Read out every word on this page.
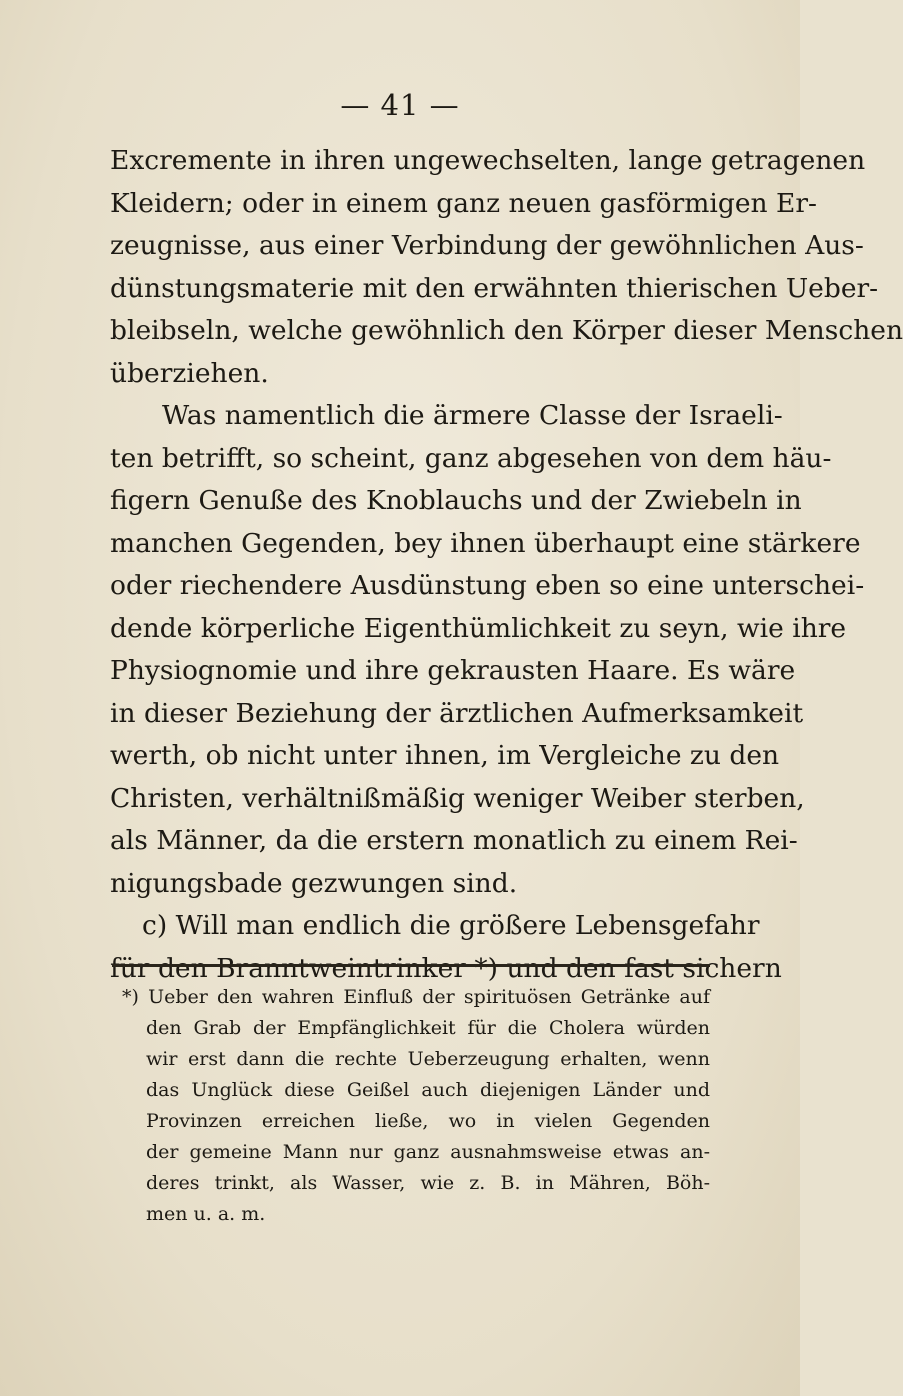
— 41 —
Excremente in ihren ungewechselten, lange getragenen
Kleidern; oder in einem ganz neuen gasförmigen Er-
zeugnisse, aus einer Verbindung der gewöhnlichen Aus-
dünstungsmaterie mit den erwähnten thierischen Ueber-
bleibseln, welche gewöhnlich den Körper dieser Menschen
überziehen.
Was namentlich die ärmere Classe der Israeli-
ten betrifft, so scheint, ganz abgesehen von dem häu-
figern Genuße des Knoblauchs und der Zwiebeln in
manchen Gegenden, bey ihnen überhaupt eine stärkere
oder riechendere Ausdünstung eben so eine unterschei-
dende körperliche Eigenthümlichkeit zu seyn, wie ihre
Physiognomie und ihre gekrausten Haare. Es wäre
in dieser Beziehung der ärztlichen Aufmerksamkeit
werth, ob nicht unter ihnen, im Vergleiche zu den
Christen, verhältnißmäßig weniger Weiber sterben,
als Männer, da die erstern monatlich zu einem Rei-
nigungsbade gezwungen sind.
c) Will man endlich die größere Lebensgefahr
für den Branntweintrinker *) und den fast sichern
*) Ueber den wahren Einfluß der spirituösen Getränke auf
den Grab der Empfänglichkeit für die Cholera würden
wir erst dann die rechte Ueberzeugung erhalten, wenn
das Unglück diese Geißel auch diejenigen Länder und
Provinzen erreichen ließe, wo in vielen Gegenden
der gemeine Mann nur ganz ausnahmsweise etwas an-
deres trinkt, als Wasser, wie z. B. in Mähren, Böh-
men u. a. m.
